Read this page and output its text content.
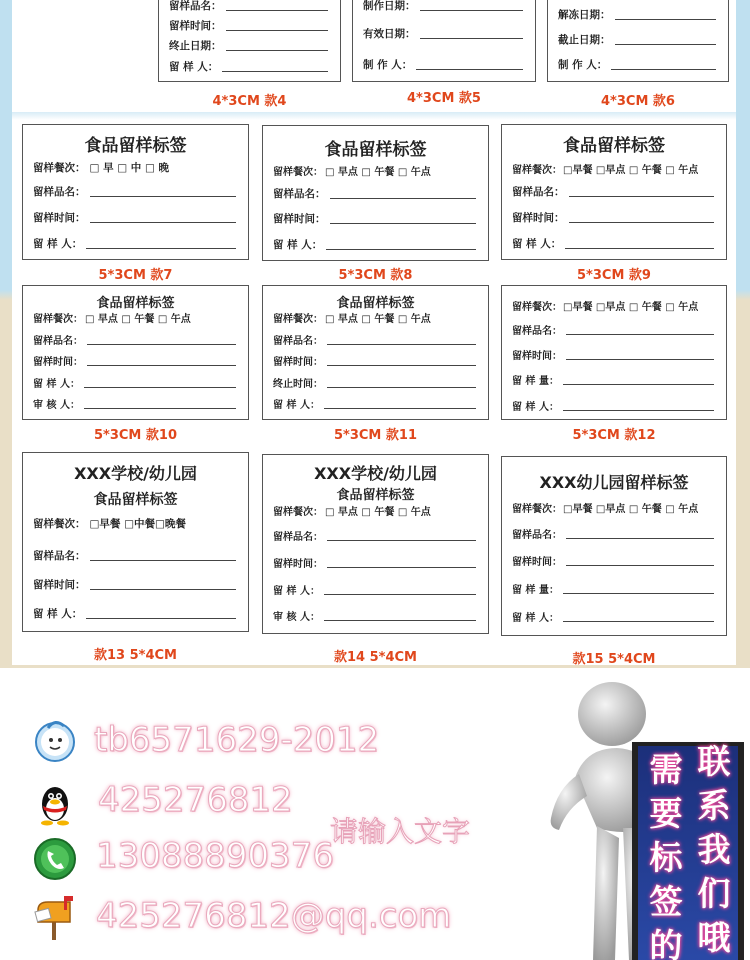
留样品名：
留样时间：
终止日期：
留 样 人：
4*3CM 款4
制作日期：
有效日期：
制 作 人：
4*3CM 款5
解冻日期：
截止日期：
制 作 人：
4*3CM 款6
食品留样标签
留样餐次： □ 早 □ 中 □ 晚
留样品名：
留样时间：
留 样 人：
5*3CM 款7
食品留样标签
留样餐次： □ 早点 □ 午餐 □ 午点
留样品名：
留样时间：
留 样 人：
5*3CM 款8
食品留样标签
留样餐次： □早餐 □早点 □ 午餐 □ 午点
留样品名：
留样时间：
留 样 人：
5*3CM 款9
食品留样标签
留样餐次： □ 早点 □ 午餐 □ 午点
留样品名：
留样时间：
留 样 人：
审 核 人：
5*3CM 款10
食品留样标签
留样餐次： □ 早点 □ 午餐 □ 午点
留样品名：
留样时间：
终止时间：
留 样 人：
5*3CM 款11
留样餐次： □早餐 □早点 □ 午餐 □ 午点
留样品名：
留样时间：
留 样 量：
留 样 人：
5*3CM 款12
XXX学校/幼儿园
食品留样标签
留样餐次： □早餐 □中餐□晚餐
留样品名：
留样时间：
留 样 人：
款13 5*4CM
XXX学校/幼儿园
食品留样标签
留样餐次： □ 早点 □ 午餐 □ 午点
留样品名：
留样时间：
留 样 人：
审 核 人：
款14 5*4CM
XXX幼儿园留样标签
留样餐次： □早餐 □早点 □ 午餐 □ 午点
留样品名：
留样时间：
留 样 量：
留 样 人：
款15 5*4CM
tb6571629-2012
425276812
13088890376
425276812@qq.com
请输入文字
需
要
标
签
的
联
系
我
们
哦
